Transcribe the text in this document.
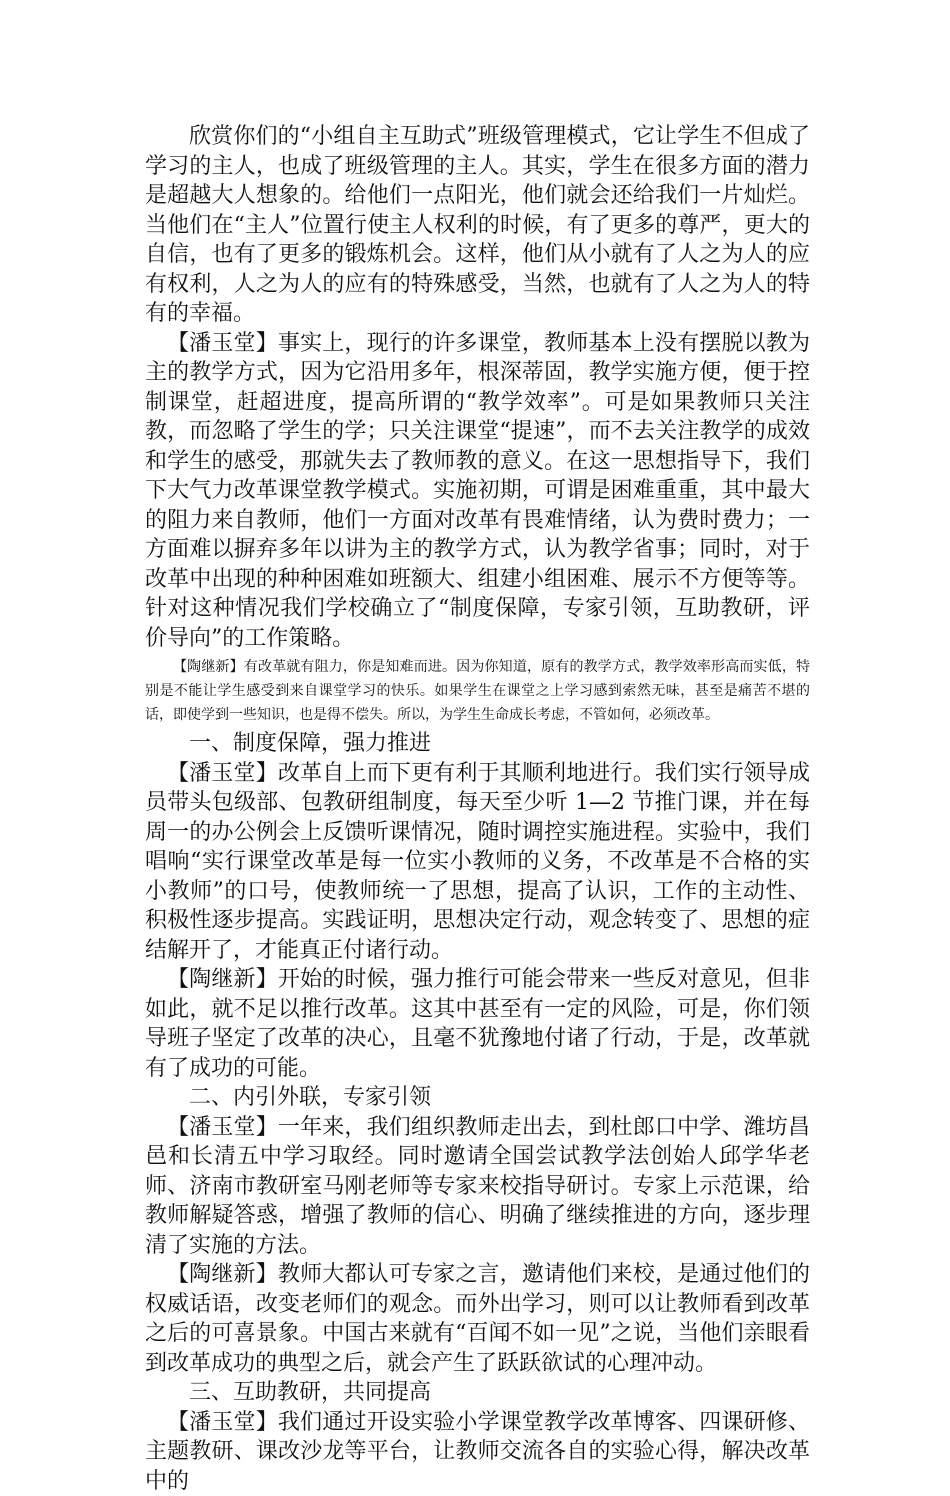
欣赏你们的“小组自主互助式”班级管理模式，它让学生不但成了学习的主人，也成了班级管理的主人。其实，学生在很多方面的潜力是超越大人想象的。给他们一点阳光，他们就会还给我们一片灿烂。当他们在“主人”位置行使主人权利的时候，有了更多的尊严，更大的自信，也有了更多的锻炼机会。这样，他们从小就有了人之为人的应有权利，人之为人的应有的特殊感受，当然，也就有了人之为人的特有的幸福。

【潘玉堂】事实上，现行的许多课堂，教师基本上没有摆脱以教为主的教学方式，因为它沿用多年，根深蒂固，教学实施方便，便于控制课堂，赶超进度，提高所谓的“教学效率”。可是如果教师只关注教，而忽略了学生的学；只关注课堂“提速”，而不去关注教学的成效和学生的感受，那就失去了教师教的意义。在这一思想指导下，我们下大气力改革课堂教学模式。实施初期，可谓是困难重重，其中最大的阻力来自教师，他们一方面对改革有畏难情绪，认为费时费力；一方面难以摒弃多年以讲为主的教学方式，认为教学省事；同时，对于改革中出现的种种困难如班额大、组建小组困难、展示不方便等等。针对这种情况我们学校确立了“制度保障，专家引领，互助教研，评价导向”的工作策略。

【陶继新】有改革就有阻力，你是知难而进。因为你知道，原有的教学方式，教学效率形高而实低，特别是不能让学生感受到来自课堂学习的快乐。如果学生在课堂之上学习感到索然无味，甚至是痛苦不堪的话，即使学到一些知识，也是得不偿失。所以，为学生生命成长考虑，不管如何，必须改革。

一、制度保障，强力推进

【潘玉堂】改革自上而下更有利于其顺利地进行。我们实行领导成员带头包级部、包教研组制度，每天至少听 1—2 节推门课，并在每周一的办公例会上反馈听课情况，随时调控实施进程。实验中，我们唱响“实行课堂改革是每一位实小教师的义务，不改革是不合格的实小教师”的口号，使教师统一了思想，提高了认识，工作的主动性、积极性逐步提高。实践证明，思想决定行动，观念转变了、思想的症结解开了，才能真正付诸行动。

【陶继新】开始的时候，强力推行可能会带来一些反对意见，但非如此，就不足以推行改革。这其中甚至有一定的风险，可是，你们领导班子坚定了改革的决心，且毫不犹豫地付诸了行动，于是，改革就有了成功的可能。

二、内引外联，专家引领

【潘玉堂】一年来，我们组织教师走出去，到杜郎口中学、潍坊昌邑和长清五中学习取经。同时邀请全国尝试教学法创始人邱学华老师、济南市教研室马刚老师等专家来校指导研讨。专家上示范课，给教师解疑答惑，增强了教师的信心、明确了继续推进的方向，逐步理清了实施的方法。

【陶继新】教师大都认可专家之言，邀请他们来校，是通过他们的权威话语，改变老师们的观念。而外出学习，则可以让教师看到改革之后的可喜景象。中国古来就有“百闻不如一见”之说，当他们亲眼看到改革成功的典型之后，就会产生了跃跃欲试的心理冲动。

三、互助教研，共同提高

【潘玉堂】我们通过开设实验小学课堂教学改革博客、四课研修、主题教研、课改沙龙等平台，让教师交流各自的实验心得，解决改革中的
